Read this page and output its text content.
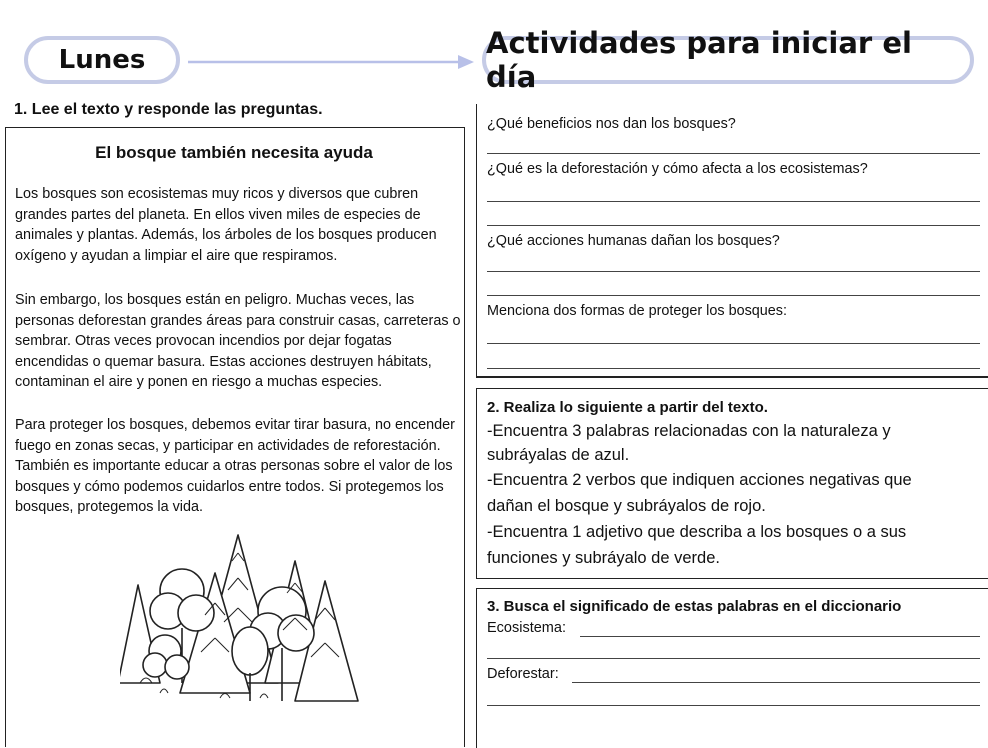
Lunes	Actividades para iniciar el día
1. Lee el texto y responde las preguntas.
El bosque también necesita ayuda
Los bosques son ecosistemas muy ricos y diversos que cubren grandes partes del planeta. En ellos viven miles de especies de animales y plantas. Además, los árboles de los bosques producen oxígeno y ayudan a limpiar el aire que respiramos.
Sin embargo, los bosques están en peligro. Muchas veces, las personas deforestan grandes áreas para construir casas, carreteras o sembrar. Otras veces provocan incendios por dejar fogatas encendidas o quemar basura. Estas acciones destruyen hábitats, contaminan el aire y ponen en riesgo a muchas especies.
Para proteger los bosques, debemos evitar tirar basura, no encender fuego en zonas secas, y participar en actividades de reforestación. También es importante educar a otras personas sobre el valor de los bosques y cómo podemos cuidarlos entre todos. Si protegemos los bosques, protegemos la vida.
¿Qué beneficios nos dan los bosques?
¿Qué es la deforestación y cómo afecta a los ecosistemas?
¿Qué acciones humanas dañan los bosques?
Menciona dos formas de proteger los bosques:
2. Realiza lo siguiente a partir del texto.
-Encuentra 3 palabras relacionadas con la naturaleza y
subráyalas de azul.
-Encuentra 2 verbos que indiquen acciones negativas que
dañan el bosque y subráyalos de rojo.
-Encuentra 1 adjetivo que describa a los bosques o a sus
funciones y subráyalo de verde.
3. Busca el significado de estas palabras en el diccionario
Ecosistema:
Deforestar:
